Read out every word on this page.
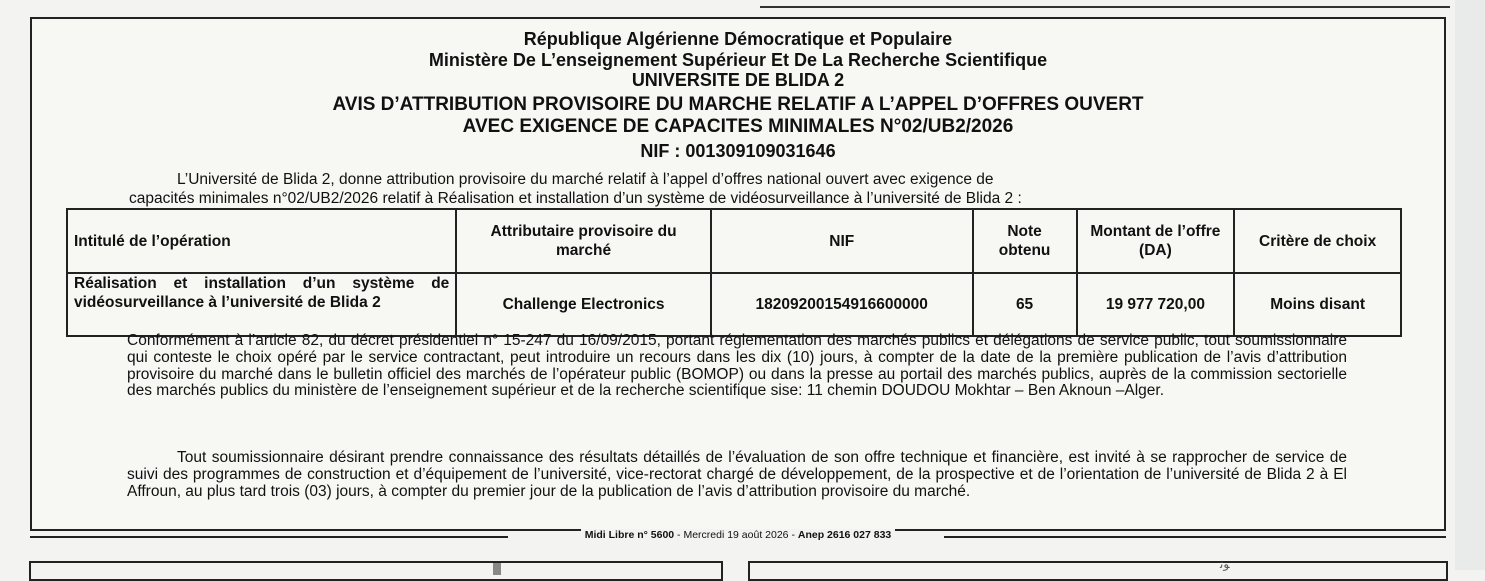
République Algérienne Démocratique et Populaire
Ministère De L’enseignement Supérieur Et De La Recherche Scientifique
UNIVERSITE DE BLIDA 2
AVIS D’ATTRIBUTION PROVISOIRE DU MARCHE RELATIF A L’APPEL D’OFFRES OUVERT
AVEC EXIGENCE DE CAPACITES MINIMALES N°02/UB2/2026
NIF : 001309109031646
L’Université de Blida 2, donne attribution provisoire du marché relatif à l’appel d’offres national ouvert avec exigence de
capacités minimales n°02/UB2/2026 relatif à Réalisation et installation d’un système de vidéosurveillance à l’université de Blida 2 :
Intitulé de l’opération	Attributaire provisoire du marché	NIF	Note obtenu	Montant de l’offre (DA)	Critère de choix
Réalisation et installation d’un système de vidéosurveillance à l’université de Blida 2	Challenge Electronics	18209200154916600000	65	19 977 720,00	Moins disant
Conformément à l’article 82, du décret présidentiel n° 15-247 du 16/09/2015, portant réglementation des marchés publics et délégations de service public, tout soumissionnaire qui conteste le choix opéré par le service contractant, peut introduire un recours dans les dix (10) jours, à compter de la date de la première publication de l’avis d’attribution provisoire du marché dans le bulletin officiel des marchés de l’opérateur public (BOMOP) ou dans la presse au portail des marchés publics, auprès de la commission sectorielle des marchés publics du ministère de l’enseignement supérieur et de la recherche scientifique sise: 11 chemin DOUDOU Mokhtar – Ben Aknoun –Alger.
Tout soumissionnaire désirant prendre connaissance des résultats détaillés de l’évaluation de son offre technique et financière, est invité à se rapprocher de service de suivi des programmes de construction et d’équipement de l’université, vice-rectorat chargé de développement, de la prospective et de l’orientation de l’université de Blida 2 à El Affroun, au plus tard trois (03) jours, à compter du premier jour de la publication de l’avis d’attribution provisoire du marché.
Midi Libre n° 5600 - Mercredi 19 août 2026 - Anep 2616 027 833
ﻮﺗ
